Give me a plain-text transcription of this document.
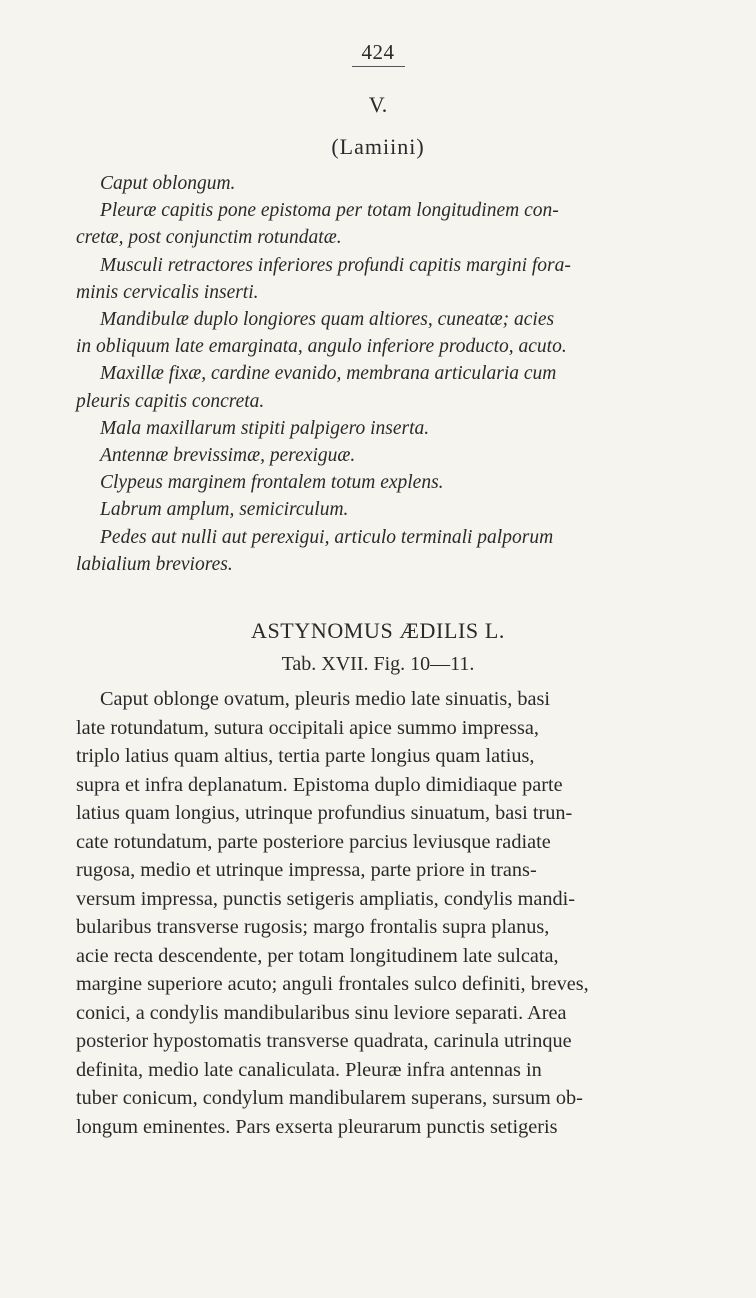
424
V.
(Lamiini)

Caput oblongum.

Pleuræ capitis pone epistoma per totam longitudinem con-
cretæ, post conjunctim rotundatæ.

Musculi retractores inferiores profundi capitis margini fora-
minis cervicalis inserti.

Mandibulæ duplo longiores quam altiores, cuneatæ; acies
in obliquum late emarginata, angulo inferiore producto, acuto.

Maxillæ fixæ, cardine evanido, membrana articularia cum
pleuris capitis concreta.

Mala maxillarum stipiti palpigero inserta.

Antennæ brevissimæ, perexiguæ.

Clypeus marginem frontalem totum explens.

Labrum amplum, semicirculum.

Pedes aut nulli aut perexigui, articulo terminali palporum
labialium breviores.

ASTYNOMUS ÆDILIS L.
Tab. XVII. Fig. 10—11.
Caput oblonge ovatum, pleuris medio late sinuatis, basi
late rotundatum, sutura occipitali apice summo impressa,
triplo latius quam altius, tertia parte longius quam latius,
supra et infra deplanatum. Epistoma duplo dimidiaque parte
latius quam longius, utrinque profundius sinuatum, basi trun-
cate rotundatum, parte posteriore parcius leviusque radiate
rugosa, medio et utrinque impressa, parte priore in trans-
versum impressa, punctis setigeris ampliatis, condylis mandi-
bularibus transverse rugosis; margo frontalis supra planus,
acie recta descendente, per totam longitudinem late sulcata,
margine superiore acuto; anguli frontales sulco definiti, breves,
conici, a condylis mandibularibus sinu leviore separati. Area
posterior hypostomatis transverse quadrata, carinula utrinque
definita, medio late canaliculata. Pleuræ infra antennas in
tuber conicum, condylum mandibularem superans, sursum ob-
longum eminentes. Pars exserta pleurarum punctis setigeris
